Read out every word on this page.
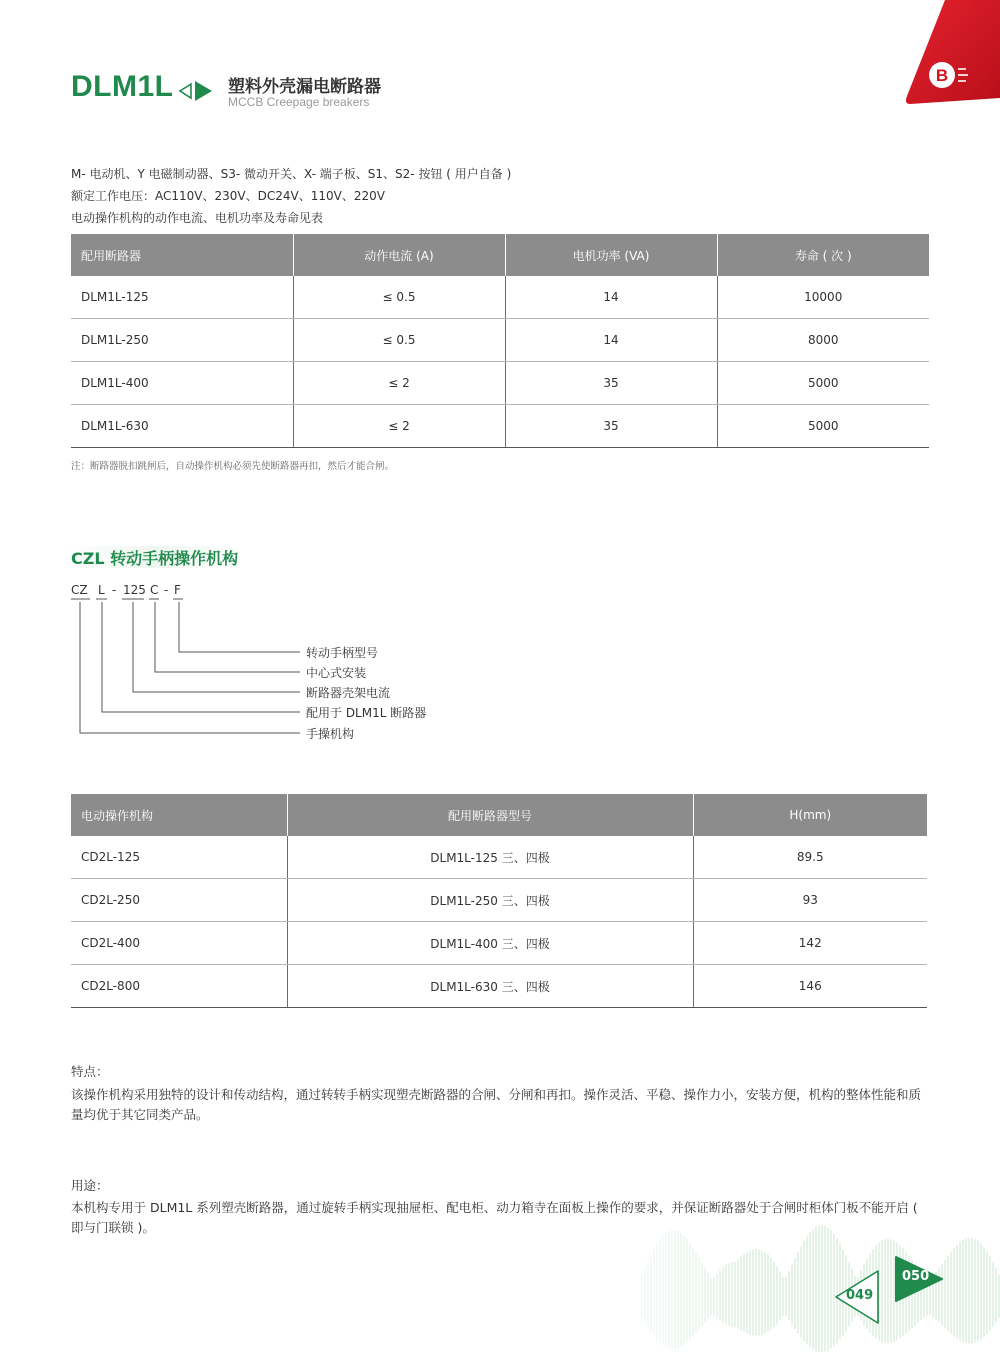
DLM1L	塑料外壳漏电断路器
MCCB Creepage breakers
B
M- 电动机、Y 电磁制动器、S3- 微动开关、X- 端子板、S1、S2- 按钮 ( 用户自备 )
额定工作电压：AC110V、230V、DC24V、110V、220V
电动操作机构的动作电流、电机功率及寿命见表
配用断路器	动作电流 (A)	电机功率 (VA)	寿命 ( 次 )
DLM1L-125	≤ 0.5	14	10000
DLM1L-250	≤ 0.5	14	8000
DLM1L-400	≤ 2	35	5000
DLM1L-630	≤ 2	35	5000
注：断路器脱扣跳闸后，自动操作机构必须先使断路器再扣，然后才能合闸。
CZL 转动手柄操作机构
CZ L - 125 C - F
转动手柄型号
中心式安装
断路器壳架电流
配用于 DLM1L 断路器
手操机构
电动操作机构	配用断路器型号	H(mm)
CD2L-125	DLM1L-125 三、四极	89.5
CD2L-250	DLM1L-250 三、四极	93
CD2L-400	DLM1L-400 三、四极	142
CD2L-800	DLM1L-630 三、四极	146
特点：
该操作机构采用独特的设计和传动结构，通过转转手柄实现塑壳断路器的合闸、分闸和再扣。操作灵活、平稳、操作力小，安装方便，机构的整体性能和质量均优于其它同类产品。
用途：
本机构专用于 DLM1L 系列塑壳断路器，通过旋转手柄实现抽屉柜、配电柜、动力箱寺在面板上操作的要求，并保证断路器处于合闸时柜体门板不能开启 ( 即与门联锁 )。
049
050
